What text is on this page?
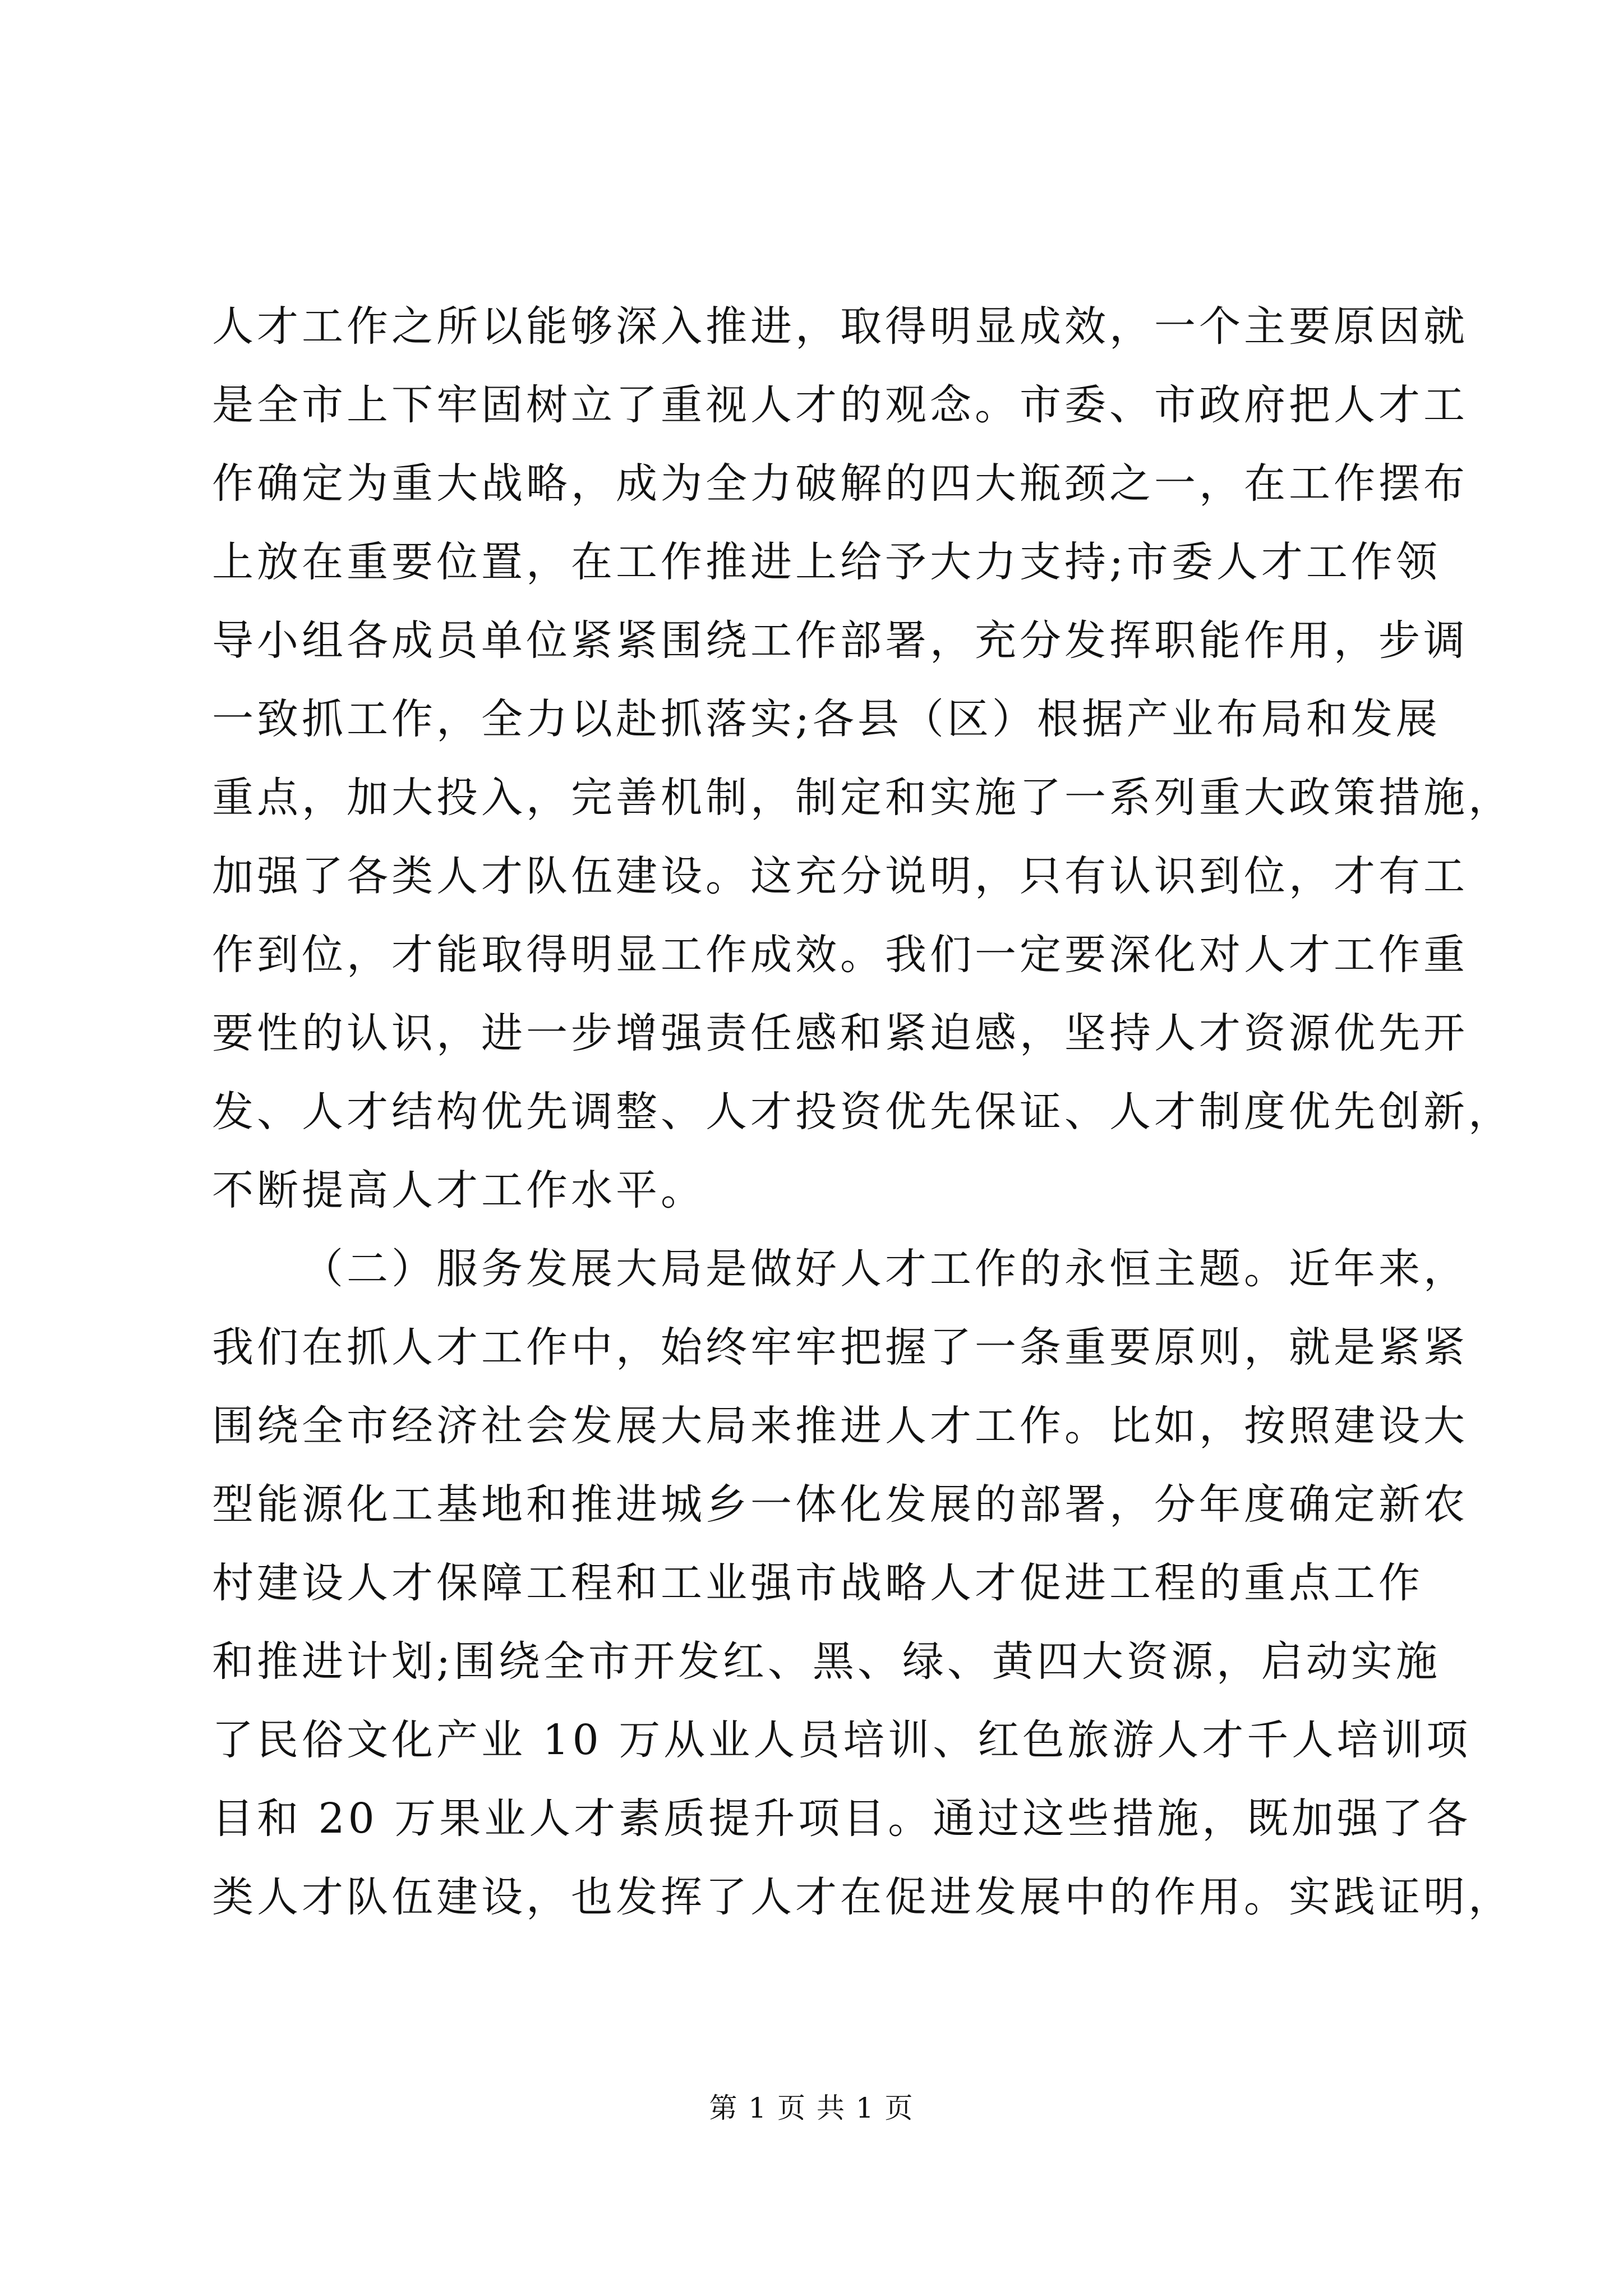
人才工作之所以能够深入推进，取得明显成效，一个主要原因就

是全市上下牢固树立了重视人才的观念。市委、市政府把人才工

作确定为重大战略，成为全力破解的四大瓶颈之一，在工作摆布

上放在重要位置，在工作推进上给予大力支持;市委人才工作领

导小组各成员单位紧紧围绕工作部署，充分发挥职能作用，步调

一致抓工作，全力以赴抓落实;各县（区）根据产业布局和发展

重点，加大投入，完善机制，制定和实施了一系列重大政策措施，

加强了各类人才队伍建设。这充分说明，只有认识到位，才有工

作到位，才能取得明显工作成效。我们一定要深化对人才工作重

要性的认识，进一步增强责任感和紧迫感，坚持人才资源优先开

发、人才结构优先调整、人才投资优先保证、人才制度优先创新，

不断提高人才工作水平。

（二）服务发展大局是做好人才工作的永恒主题。近年来，

我们在抓人才工作中，始终牢牢把握了一条重要原则，就是紧紧

围绕全市经济社会发展大局来推进人才工作。比如，按照建设大

型能源化工基地和推进城乡一体化发展的部署，分年度确定新农

村建设人才保障工程和工业强市战略人才促进工程的重点工作

和推进计划;围绕全市开发红、黑、绿、黄四大资源，启动实施

了民俗文化产业 10 万从业人员培训、红色旅游人才千人培训项

目和 20 万果业人才素质提升项目。通过这些措施，既加强了各

类人才队伍建设，也发挥了人才在促进发展中的作用。实践证明，

第 1 页 共 1 页
